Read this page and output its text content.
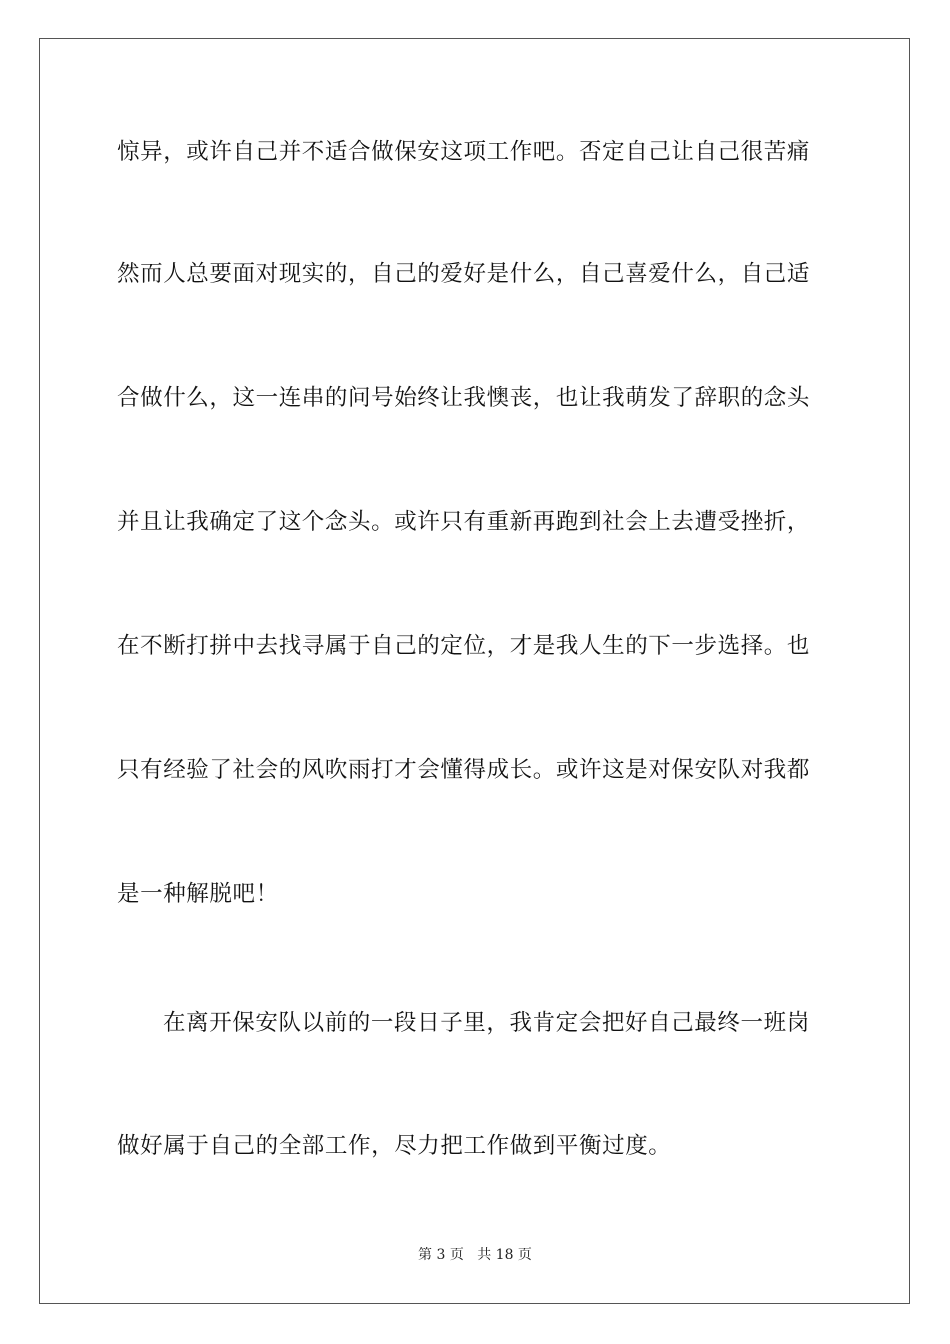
惊异，或许自己并不适合做保安这项工作吧。否定自己让自己很苦痛
然而人总要面对现实的，自己的爱好是什么，自己喜爱什么，自己适
合做什么，这一连串的问号始终让我懊丧，也让我萌发了辞职的念头
并且让我确定了这个念头。或许只有重新再跑到社会上去遭受挫折，
在不断打拼中去找寻属于自己的定位，才是我人生的下一步选择。也
只有经验了社会的风吹雨打才会懂得成长。或许这是对保安队对我都
是一种解脱吧！
在离开保安队以前的一段日子里，我肯定会把好自己最终一班岗
做好属于自己的全部工作，尽力把工作做到平衡过度。
第 3 页 共 18 页
